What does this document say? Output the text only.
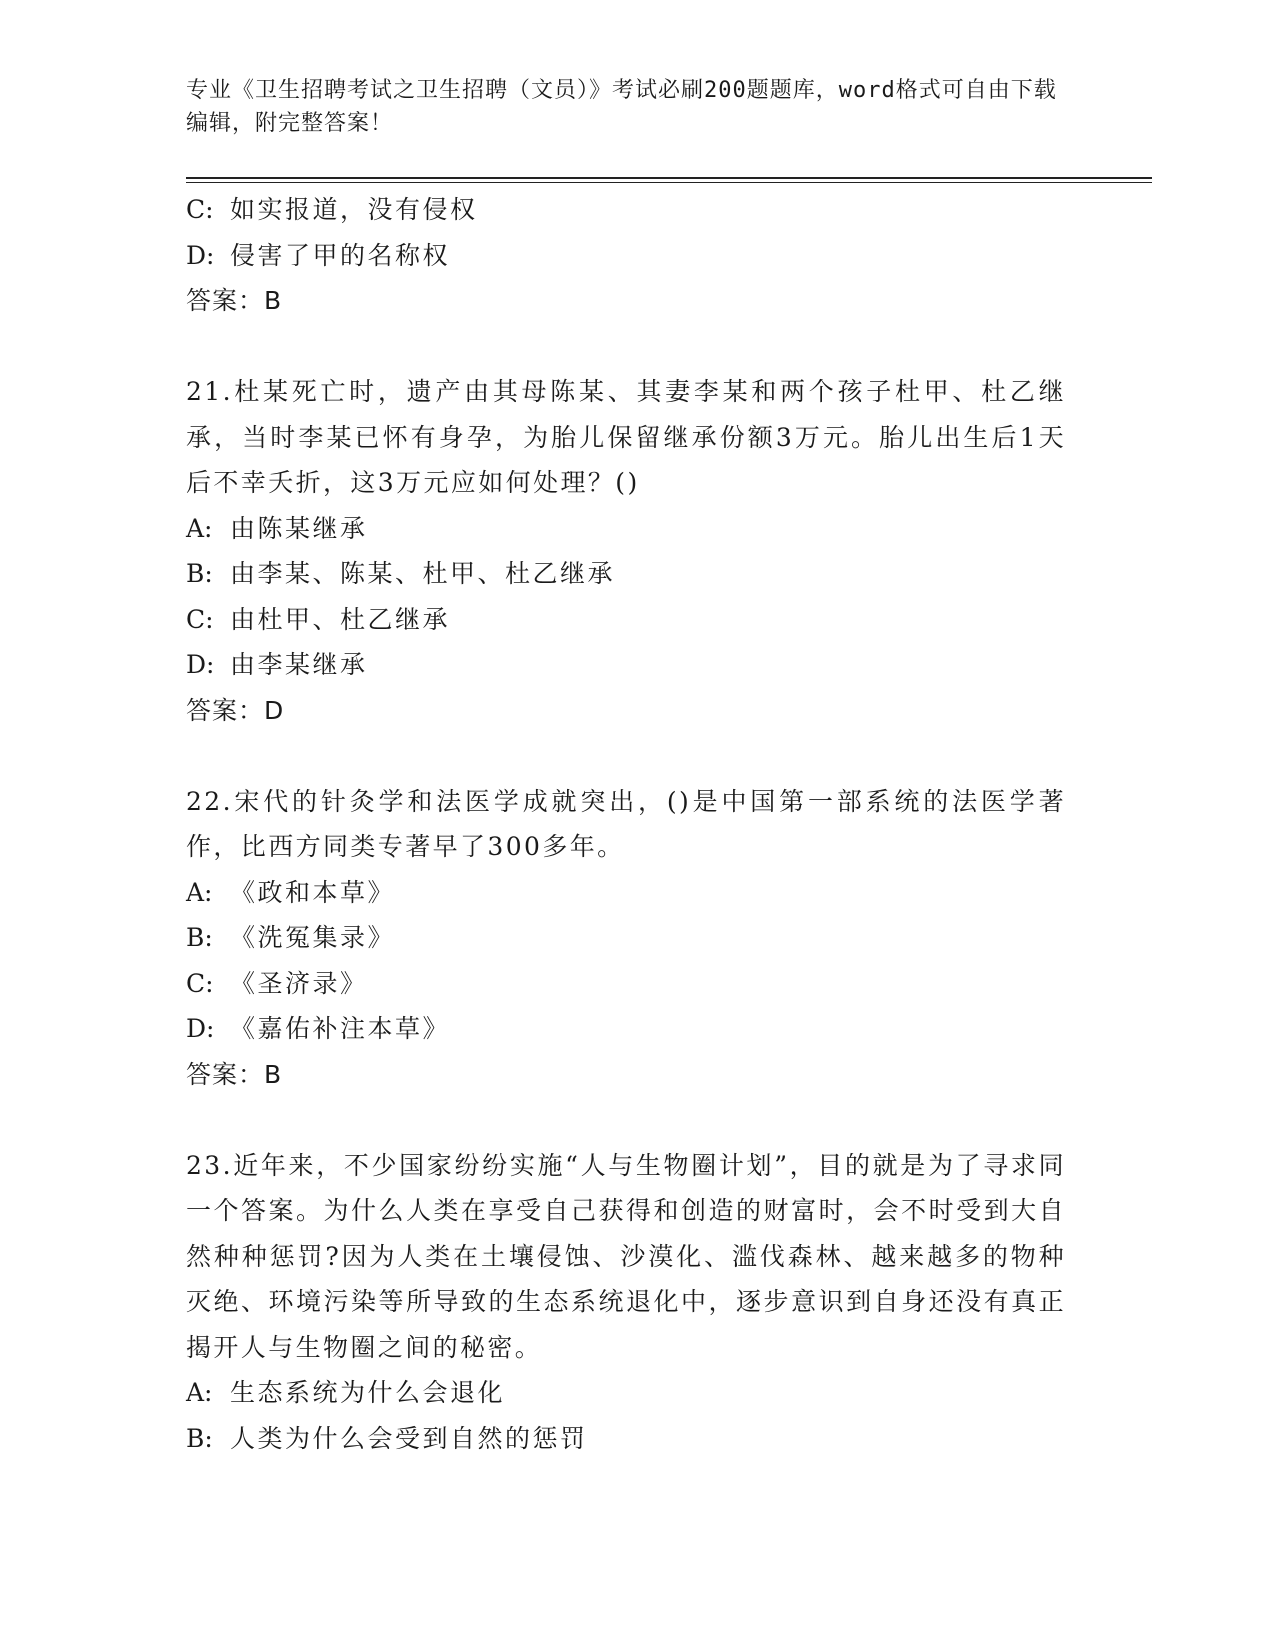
专业《卫生招聘考试之卫生招聘（文员）》考试必刷200题题库，word格式可自由下载编辑，附完整答案！
C: 如实报道，没有侵权
D: 侵害了甲的名称权
答案：B
21.杜某死亡时，遗产由其母陈某、其妻李某和两个孩子杜甲、杜乙继承，当时李某已怀有身孕，为胎儿保留继承份额3万元。胎儿出生后1天后不幸夭折，这3万元应如何处理？()
A: 由陈某继承
B: 由李某、陈某、杜甲、杜乙继承
C: 由杜甲、杜乙继承
D: 由李某继承
答案：D
22.宋代的针灸学和法医学成就突出，()是中国第一部系统的法医学著作，比西方同类专著早了300多年。
A: 《政和本草》
B: 《洗冤集录》
C: 《圣济录》
D: 《嘉佑补注本草》
答案：B
23.近年来，不少国家纷纷实施“人与生物圈计划”，目的就是为了寻求同一个答案。为什么人类在享受自己获得和创造的财富时，会不时受到大自然种种惩罚?因为人类在土壤侵蚀、沙漠化、滥伐森林、越来越多的物种灭绝、环境污染等所导致的生态系统退化中，逐步意识到自身还没有真正揭开人与生物圈之间的秘密。
A: 生态系统为什么会退化
B: 人类为什么会受到自然的惩罚
